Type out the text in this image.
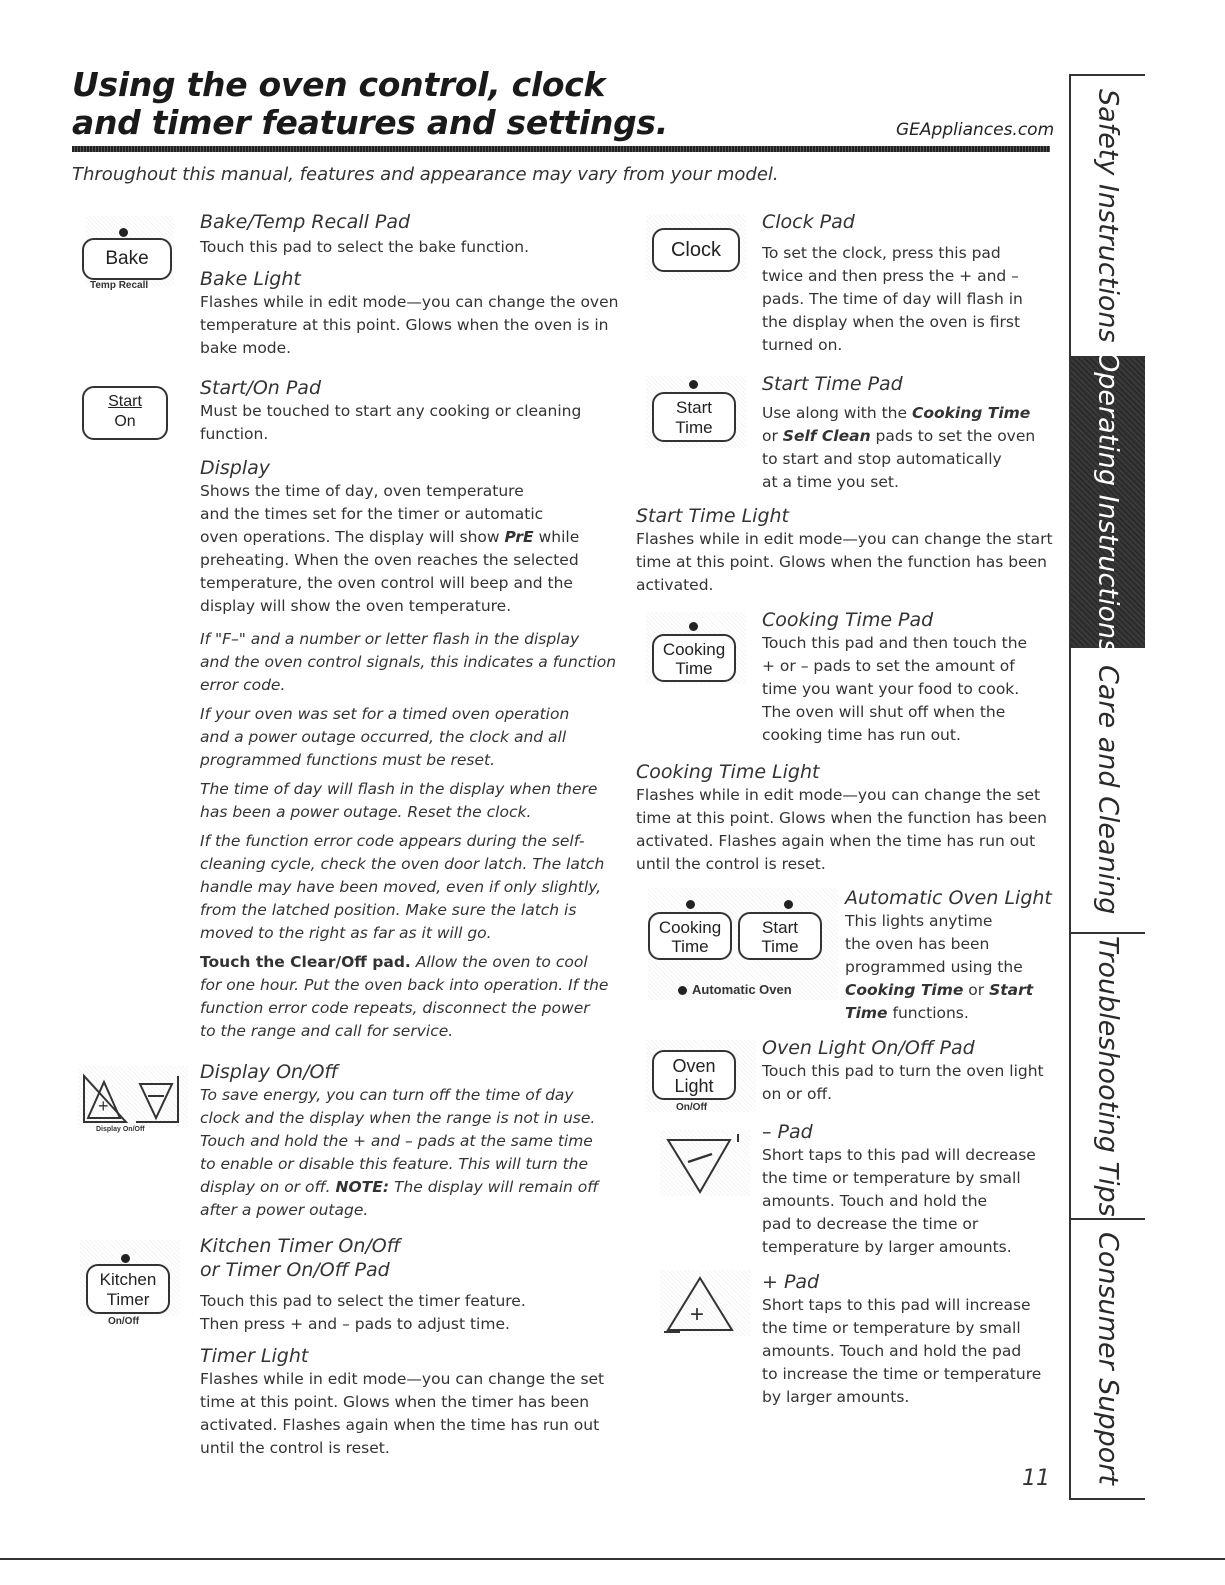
Using the oven control, clock
and timer features and settings.	GEAppliances.com
Throughout this manual, features and appearance may vary from your model.
Bake
Temp Recall
Start
On
+
Display On/Off
Kitchen
Timer
On/Off
Bake/Temp Recall Pad
Touch this pad to select the bake function.
Bake Light
Flashes while in edit mode—you can change the oven
temperature at this point. Glows when the oven is in
bake mode.
Start/On Pad
Must be touched to start any cooking or cleaning
function.
Display
Shows the time of day, oven temperature
and the times set for the timer or automatic
oven operations. The display will show PrE while
preheating. When the oven reaches the selected
temperature, the oven control will beep and the
display will show the oven temperature.
If "F–" and a number or letter flash in the display
and the oven control signals, this indicates a function
error code.
If your oven was set for a timed oven operation
and a power outage occurred, the clock and all
programmed functions must be reset.
The time of day will flash in the display when there
has been a power outage. Reset the clock.
If the function error code appears during the self-
cleaning cycle, check the oven door latch. The latch
handle may have been moved, even if only slightly,
from the latched position. Make sure the latch is
moved to the right as far as it will go.
Touch the Clear/Off pad. Allow the oven to cool
for one hour. Put the oven back into operation. If the
function error code repeats, disconnect the power
to the range and call for service.
Display On/Off
To save energy, you can turn off the time of day
clock and the display when the range is not in use.
Touch and hold the + and – pads at the same time
to enable or disable this feature. This will turn the
display on or off. NOTE: The display will remain off
after a power outage.
Kitchen Timer On/Off
or Timer On/Off Pad
Touch this pad to select the timer feature.
Then press + and – pads to adjust time.
Timer Light
Flashes while in edit mode—you can change the set
time at this point. Glows when the timer has been
activated. Flashes again when the time has run out
until the control is reset.
Clock
Start
Time
Cooking
Time
Cooking
Time
Start
Time
Automatic Oven
Oven
Light
On/Off
+
Clock Pad
To set the clock, press this pad
twice and then press the + and –
pads. The time of day will flash in
the display when the oven is first
turned on.
Start Time Pad
Use along with the Cooking Time
or Self Clean pads to set the oven
to start and stop automatically
at a time you set.
Start Time Light
Flashes while in edit mode—you can change the start
time at this point. Glows when the function has been
activated.
Cooking Time Pad
Touch this pad and then touch the
+ or – pads to set the amount of
time you want your food to cook.
The oven will shut off when the
cooking time has run out.
Cooking Time Light
Flashes while in edit mode—you can change the set
time at this point. Glows when the function has been
activated. Flashes again when the time has run out
until the control is reset.
Automatic Oven Light
This lights anytime
the oven has been
programmed using the
Cooking Time or Start
Time functions.
Oven Light On/Off Pad
Touch this pad to turn the oven light
on or off.
– Pad
Short taps to this pad will decrease
the time or temperature by small
amounts. Touch and hold the
pad to decrease the time or
temperature by larger amounts.
+ Pad
Short taps to this pad will increase
the time or temperature by small
amounts. Touch and hold the pad
to increase the time or temperature
by larger amounts.
Safety Instructions
Operating Instructions
Care and Cleaning
Troubleshooting Tips
Consumer Support
11
